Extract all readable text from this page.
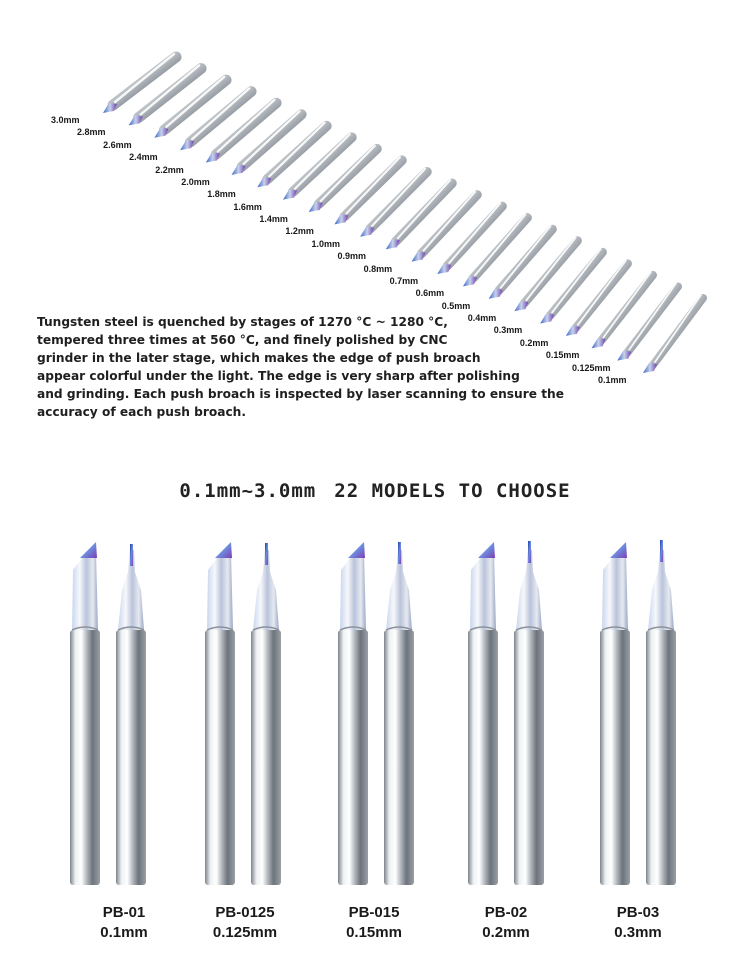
3.0mm
2.8mm
2.6mm
2.4mm
2.2mm
2.0mm
1.8mm
1.6mm
1.4mm
1.2mm
1.0mm
0.9mm
0.8mm
0.7mm
0.6mm
0.5mm
0.4mm
0.3mm
0.2mm
0.15mm
0.125mm
0.1mm

Tungsten steel is quenched by stages of 1270 °C ~ 1280 °C,
tempered three times at 560 °C, and finely polished by CNC
grinder in the later stage, which makes the edge of push broach
appear colorful under the light. The edge is very sharp after polishing
and grinding. Each push broach is inspected by laser scanning to ensure the
accuracy of each push broach.

0.1mm~3.0mm 22 MODELS TO CHOOSE
PB-01
0.1mm
PB-0125
0.125mm
PB-015
0.15mm
PB-02
0.2mm
PB-03
0.3mm
